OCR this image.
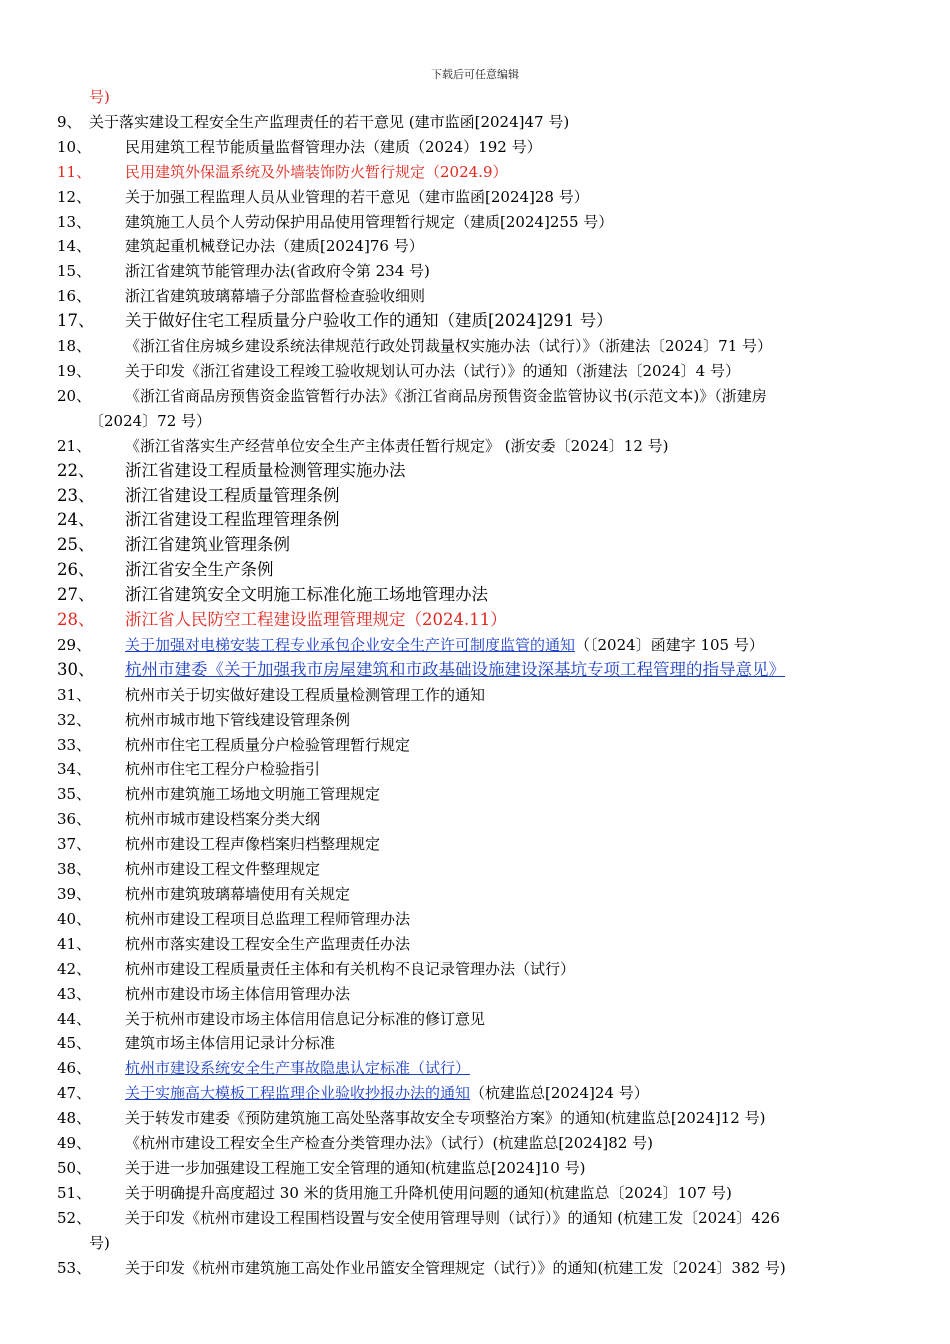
下载后可任意编辑
号)
9、 关于落实建设工程安全生产监理责任的若干意见 (建市监函[2024]47 号)
10、 民用建筑工程节能质量监督管理办法（建质（2024）192 号）
11、 民用建筑外保温系统及外墙装饰防火暂行规定（2024.9）
12、 关于加强工程监理人员从业管理的若干意见（建市监函[2024]28 号）
13、 建筑施工人员个人劳动保护用品使用管理暂行规定（建质[2024]255 号）
14、 建筑起重机械登记办法（建质[2024]76 号）
15、 浙江省建筑节能管理办法(省政府令第 234 号)
16、 浙江省建筑玻璃幕墙子分部监督检查验收细则
17、 关于做好住宅工程质量分户验收工作的通知（建质[2024]291 号）
18、 《浙江省住房城乡建设系统法律规范行政处罚裁量权实施办法（试行）》（浙建法〔2024〕71 号）
19、 关于印发《浙江省建设工程竣工验收规划认可办法（试行）》的通知（浙建法〔2024〕4 号）
20、 《浙江省商品房预售资金监管暂行办法》《浙江省商品房预售资金监管协议书(示范文本)》（浙建房
〔2024〕72 号）
21、 《浙江省落实生产经营单位安全生产主体责任暂行规定》 (浙安委〔2024〕12 号)
22、 浙江省建设工程质量检测管理实施办法
23、 浙江省建设工程质量管理条例
24、 浙江省建设工程监理管理条例
25、 浙江省建筑业管理条例
26、 浙江省安全生产条例
27、 浙江省建筑安全文明施工标准化施工场地管理办法
28、 浙江省人民防空工程建设监理管理规定（2024.11）
29、 关于加强对电梯安装工程专业承包企业安全生产许可制度监管的通知（〔2024〕函建字 105 号）
30、 杭州市建委《关于加强我市房屋建筑和市政基础设施建设深基坑专项工程管理的指导意见》
31、 杭州市关于切实做好建设工程质量检测管理工作的通知
32、 杭州市城市地下管线建设管理条例
33、 杭州市住宅工程质量分户检验管理暂行规定
34、 杭州市住宅工程分户检验指引
35、 杭州市建筑施工场地文明施工管理规定
36、 杭州市城市建设档案分类大纲
37、 杭州市建设工程声像档案归档整理规定
38、 杭州市建设工程文件整理规定
39、 杭州市建筑玻璃幕墙使用有关规定
40、 杭州市建设工程项目总监理工程师管理办法
41、 杭州市落实建设工程安全生产监理责任办法
42、 杭州市建设工程质量责任主体和有关机构不良记录管理办法（试行）
43、 杭州市建设市场主体信用管理办法
44、 关于杭州市建设市场主体信用信息记分标准的修订意见
45、 建筑市场主体信用记录计分标准
46、 杭州市建设系统安全生产事故隐患认定标准（试行）
47、 关于实施高大模板工程监理企业验收抄报办法的通知（杭建监总[2024]24 号）
48、 关于转发市建委《预防建筑施工高处坠落事故安全专项整治方案》的通知(杭建监总[2024]12 号)
49、 《杭州市建设工程安全生产检查分类管理办法》（试行）(杭建监总[2024]82 号)
50、 关于进一步加强建设工程施工安全管理的通知(杭建监总[2024]10 号)
51、 关于明确提升高度超过 30 米的货用施工升降机使用问题的通知(杭建监总〔2024〕107 号)
52、 关于印发《杭州市建设工程围档设置与安全使用管理导则（试行）》的通知 (杭建工发〔2024〕426
号)
53、 关于印发《杭州市建筑施工高处作业吊篮安全管理规定（试行）》的通知(杭建工发〔2024〕382 号)
